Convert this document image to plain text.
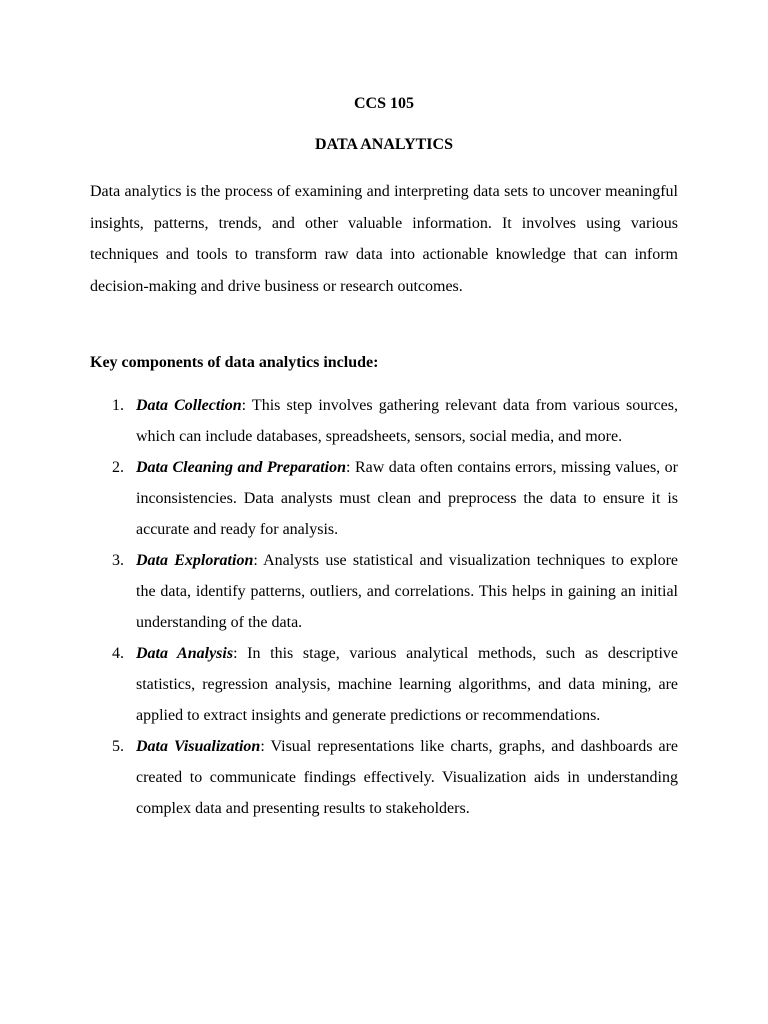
CCS 105
DATA ANALYTICS

Data analytics is the process of examining and interpreting data sets to uncover meaningful insights, patterns, trends, and other valuable information. It involves using various techniques and tools to transform raw data into actionable knowledge that can inform decision-making and drive business or research outcomes.

Key components of data analytics include:
1. Data Collection: This step involves gathering relevant data from various sources, which can include databases, spreadsheets, sensors, social media, and more.
2. Data Cleaning and Preparation: Raw data often contains errors, missing values, or inconsistencies. Data analysts must clean and preprocess the data to ensure it is accurate and ready for analysis.
3. Data Exploration: Analysts use statistical and visualization techniques to explore the data, identify patterns, outliers, and correlations. This helps in gaining an initial understanding of the data.
4. Data Analysis: In this stage, various analytical methods, such as descriptive statistics, regression analysis, machine learning algorithms, and data mining, are applied to extract insights and generate predictions or recommendations.
5. Data Visualization: Visual representations like charts, graphs, and dashboards are created to communicate findings effectively. Visualization aids in understanding complex data and presenting results to stakeholders.
